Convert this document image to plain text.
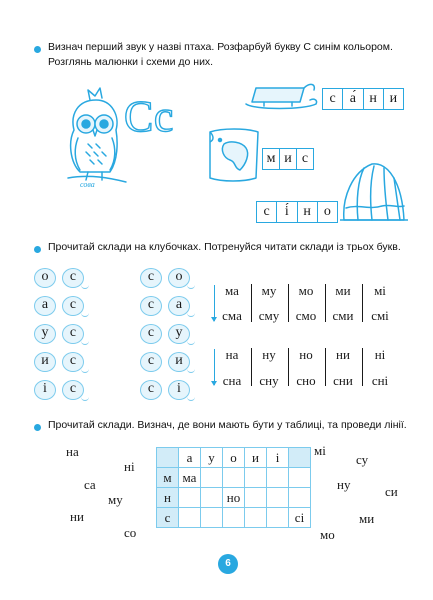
Визнач перший звук у назві птаха. Розфарбуй букву С синім кольором.
Розглянь малюнки і схеми до них.
сова
Сс	с	а́ н и
м и с
с	і́	н о
Прочитай склади на клубочках. Потренуйся читати склади із трьох букв.
о	с	с	о
а	с	с	а
у	с	с	у
и	с	с	и
і	с	с	і
ма	му	мо	ми	мі
сма	сму	смо	сми	смі
на	ну	но	ни	ні
сна	сну	сно	сни	сні
Прочитай склади. Визнач, де вони мають бути у таблиці, та проведи лінії.
	а	у	о	и	і	
м	ма					
н			но			
с						сі
на
ні
са
му
ни
со
мі
су
ну	си
ми
мо
6
